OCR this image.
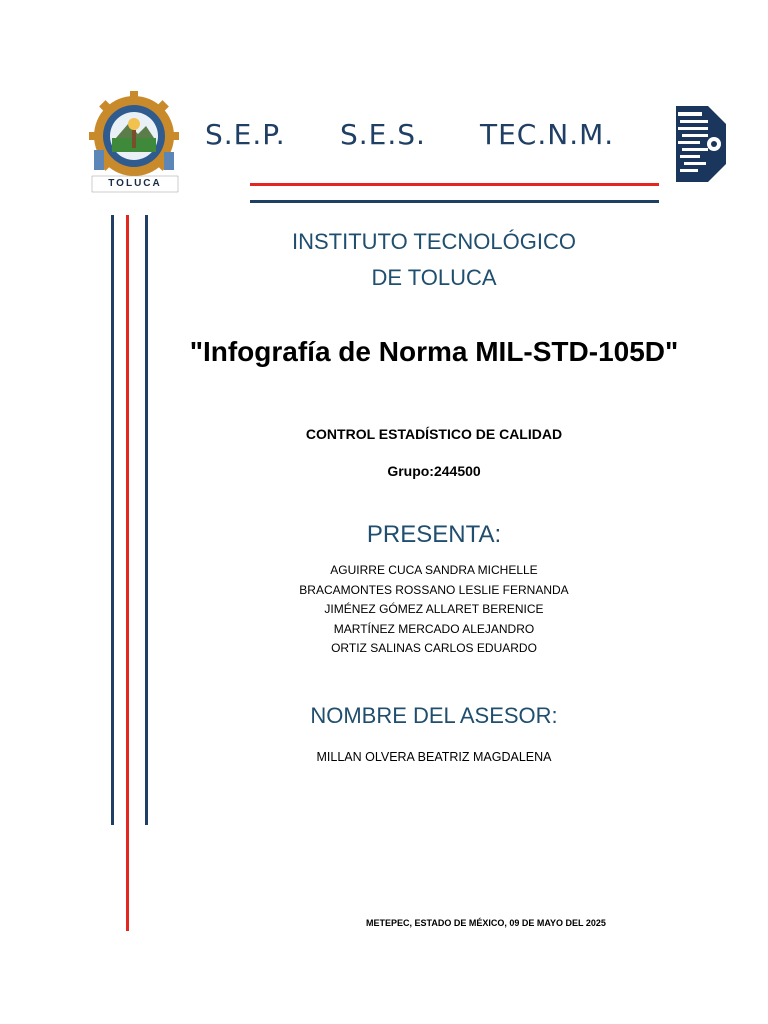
TOLUCA
S.E.P. S.E.S. TEC.N.M.
INSTITUTO TECNOLÓGICO
DE TOLUCA
"Infografía de Norma MIL-STD-105D"
CONTROL ESTADÍSTICO DE CALIDAD
Grupo:244500
PRESENTA:
AGUIRRE CUCA SANDRA MICHELLE
BRACAMONTES ROSSANO LESLIE FERNANDA
JIMÉNEZ GÓMEZ ALLARET BERENICE
MARTÍNEZ MERCADO ALEJANDRO
ORTIZ SALINAS CARLOS EDUARDO
NOMBRE DEL ASESOR:
MILLAN OLVERA BEATRIZ MAGDALENA
METEPEC, ESTADO DE MÉXICO, 09 DE MAYO DEL 2025
